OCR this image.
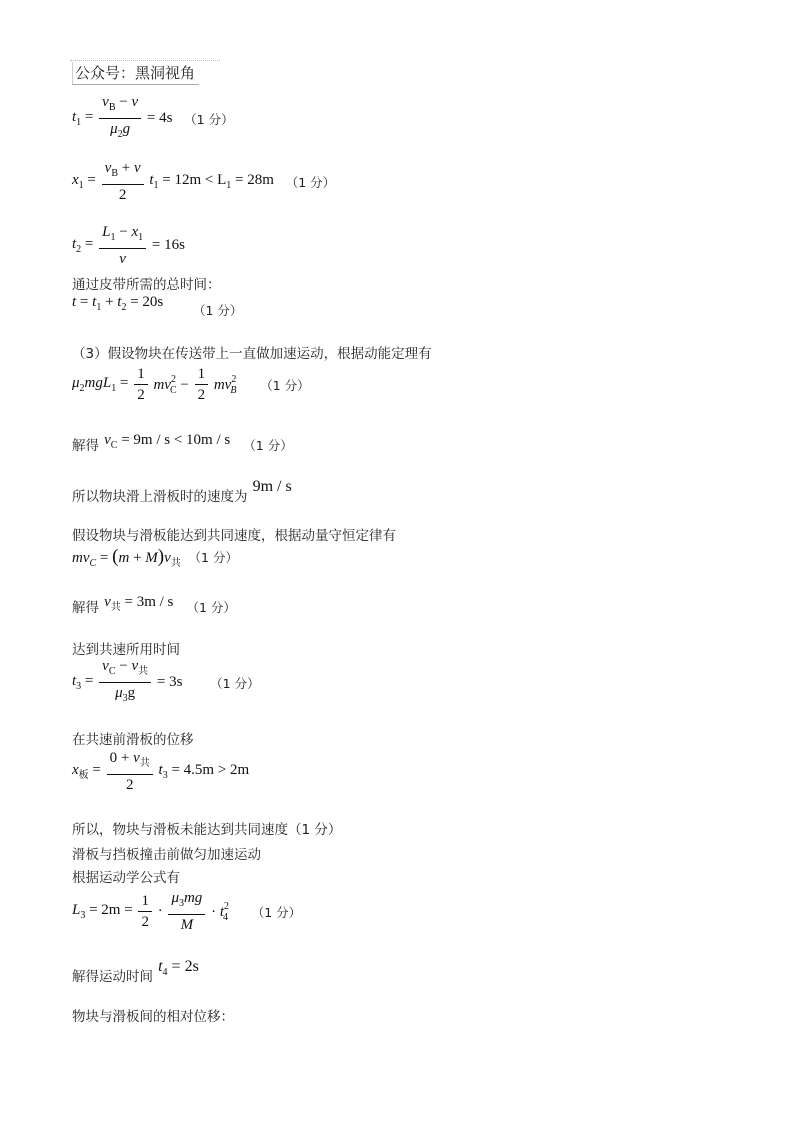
公众号：黑洞视角
$t_1 = \frac{v_B - v}{\mu_2g} = 4s$ （1 分）
$x_1 = \frac{v_B + v}{2} t_1 = 12m < L_1 = 28m$ （1 分）
$t_2 = \frac{L_1 - x_1}{v} = 16s$
通过皮带所需的总时间：
$t = t_1 + t_2 = 20s$ （1 分）
（3）假设物块在传送带上一直做加速运动，根据动能定理有
$\mu_2mgL_1 = \frac{1}{2} mv^2_C - \frac{1}{2} mv^2_B$ （1 分）
解得 $v_C = 9m / s < 10m / s$ （1 分）
$_{所以物块滑上滑板时的速度为}$ 9m / s
假设物块与滑板能达到共同速度，根据动量守恒定律有
$mv_C = (m + M)v_共$ （1 分）
解得 $v_共 = 3m / s$ （1 分）
达到共速所用时间
$t_3 = \frac{v_C - v_共}{\mu_3g} = 3s$ （1 分）
在共速前滑板的位移
$x_板 = \frac{0 + v_共}{2} t_3 = 4.5m > 2m$
所以，物块与滑板未能达到共同速度（1 分）
滑板与挡板撞击前做匀加速运动
根据运动学公式有
$L_3 = 2m = \frac{1}{2} \cdot \frac{\mu_3mg}{M} \cdot t^2_4$ （1 分）
$_{解得运动时间}$ $t_4 = 2s$
物块与滑板间的相对位移：
